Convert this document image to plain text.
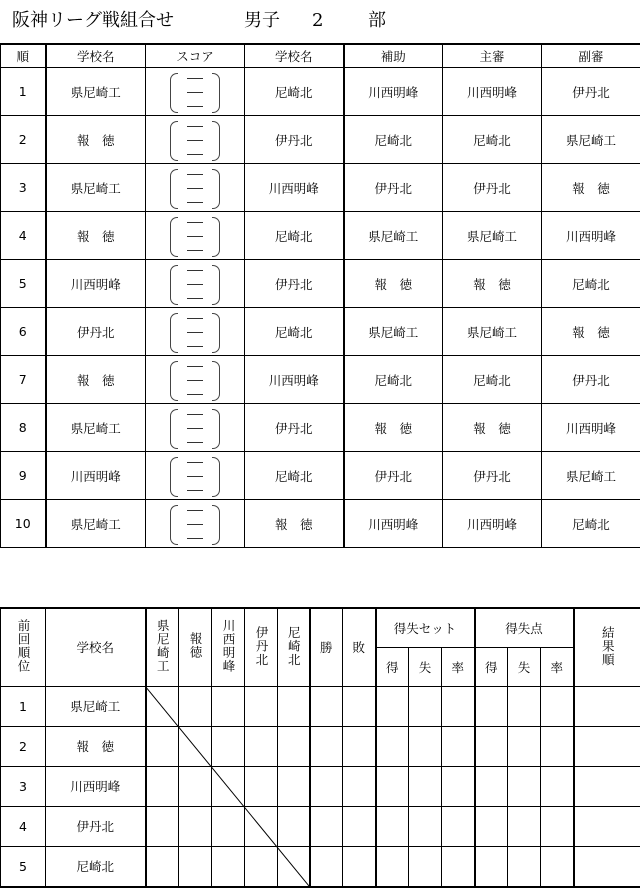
阪神リーグ戦組合せ	男子 2 部
順	学校名	スコア	学校名	補助	主審	副審
1	県尼崎工		尼崎北	川西明峰	川西明峰	伊丹北
2	報　徳		伊丹北	尼崎北	尼崎北	県尼崎工
3	県尼崎工		川西明峰	伊丹北	伊丹北	報　徳
4	報　徳		尼崎北	県尼崎工	県尼崎工	川西明峰
5	川西明峰		伊丹北	報　徳	報　徳	尼崎北
6	伊丹北		尼崎北	県尼崎工	県尼崎工	報　徳
7	報　徳		川西明峰	尼崎北	尼崎北	伊丹北
8	県尼崎工		伊丹北	報　徳	報　徳	川西明峰
9	川西明峰		尼崎北	伊丹北	伊丹北	県尼崎工
10	県尼崎工		報　徳	川西明峰	川西明峰	尼崎北
前回順位	学校名	県尼崎工	報徳	川西明峰	伊丹北	尼崎北	勝	敗	得失セット			得失点			結果順
									得	失	率	得	失	率	
1	県尼崎工														
2	報　徳														
3	川西明峰														
4	伊丹北														
5	尼崎北														
